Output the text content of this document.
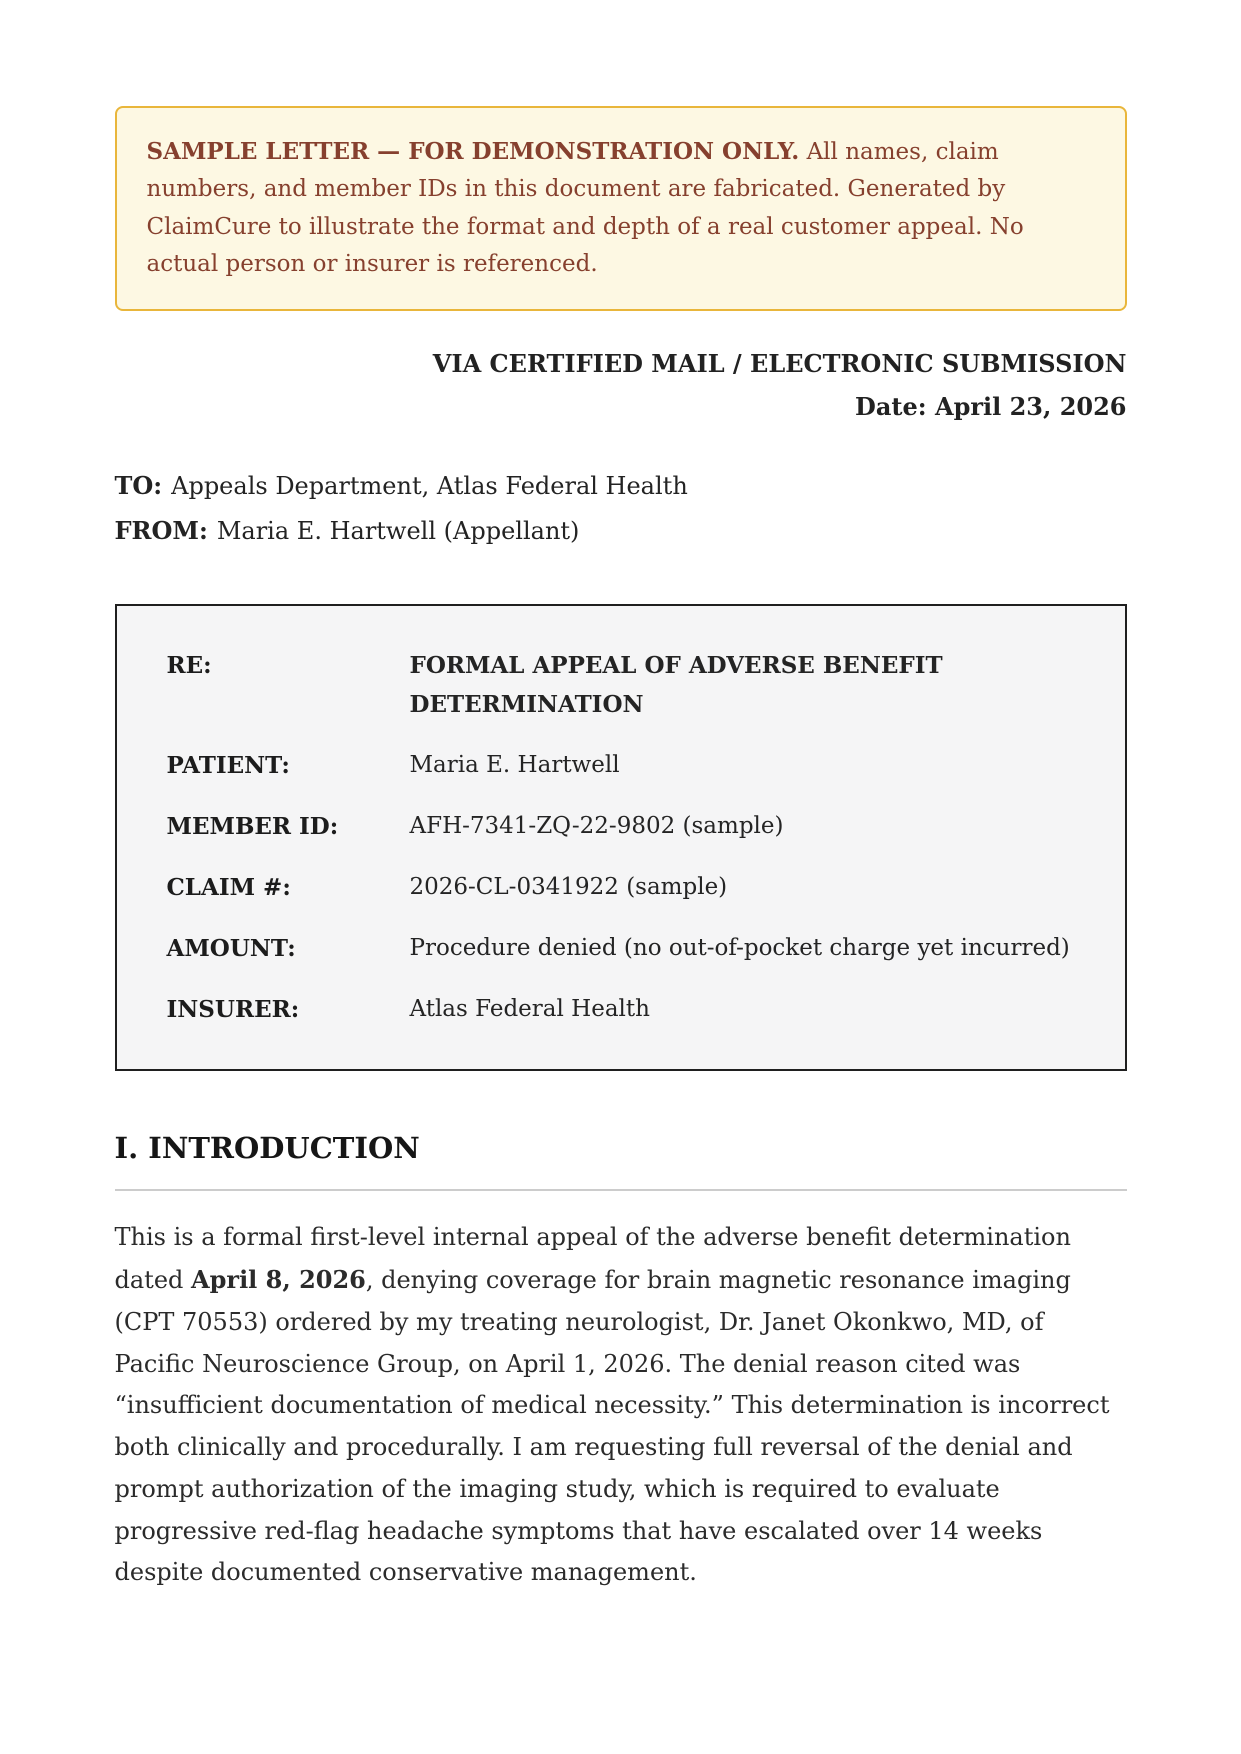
SAMPLE LETTER — FOR DEMONSTRATION ONLY. All names, claim numbers, and member IDs in this document are fabricated. Generated by ClaimCure to illustrate the format and depth of a real customer appeal. No actual person or insurer is referenced.

VIA CERTIFIED MAIL / ELECTRONIC SUBMISSION
Date: April 23, 2026
TO: Appeals Department, Atlas Federal Health
FROM: Maria E. Hartwell (Appellant)
RE:	FORMAL APPEAL OF ADVERSE BENEFIT DETERMINATION
PATIENT:	Maria E. Hartwell
MEMBER ID:	AFH-7341-ZQ-22-9802 (sample)
CLAIM #:	2026-CL-0341922 (sample)
AMOUNT:	Procedure denied (no out-of-pocket charge yet incurred)
INSURER:	Atlas Federal Health
I. INTRODUCTION

This is a formal first-level internal appeal of the adverse benefit determination dated April 8, 2026, denying coverage for brain magnetic resonance imaging (CPT 70553) ordered by my treating neurologist, Dr. Janet Okonkwo, MD, of Pacific Neuroscience Group, on April 1, 2026. The denial reason cited was “insufficient documentation of medical necessity.” This determination is incorrect both clinically and procedurally. I am requesting full reversal of the denial and prompt authorization of the imaging study, which is required to evaluate progressive red-flag headache symptoms that have escalated over 14 weeks despite documented conservative management.
